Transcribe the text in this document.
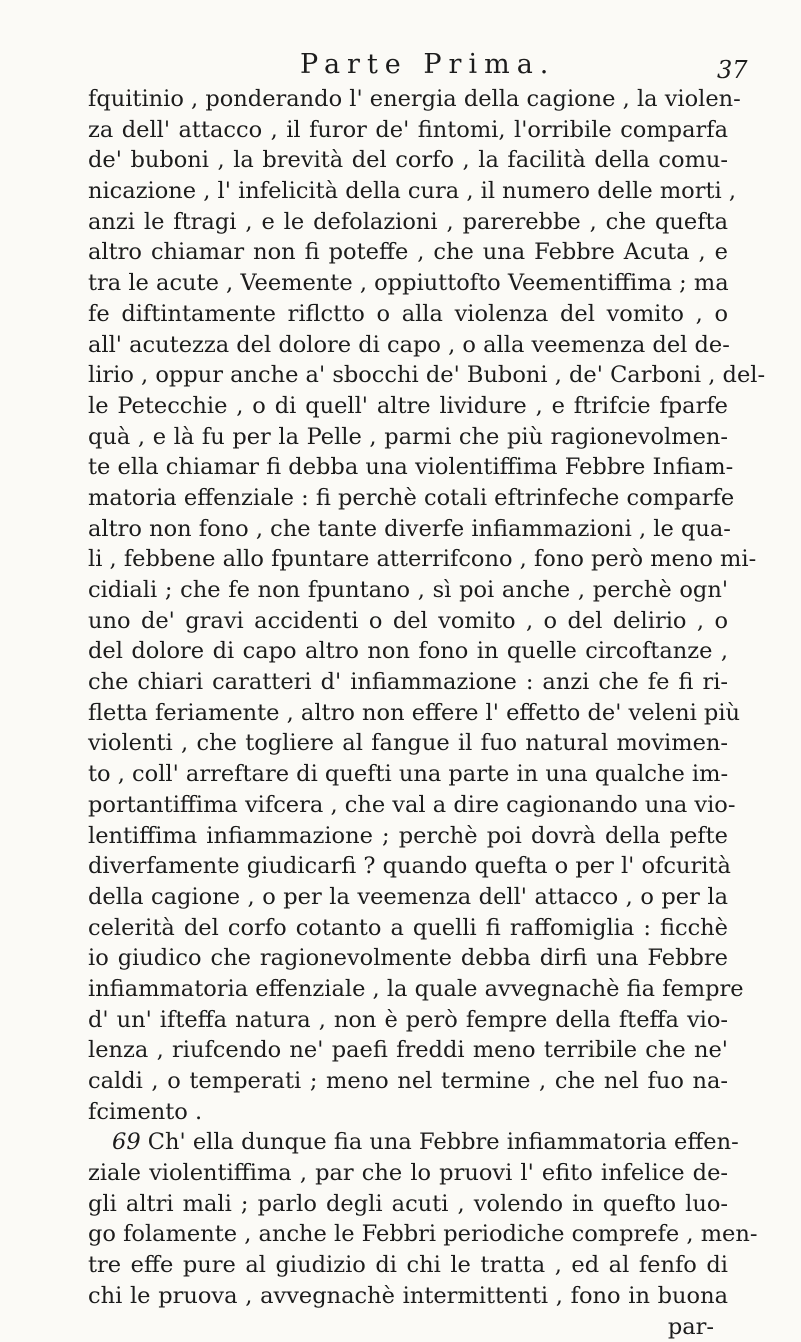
Parte Prima.	37
fquitinio , ponderando l' energia della cagione , la violen-
za dell' attacco , il furor de' fintomi, l'orribile comparfa
de' buboni , la brevità del corfo , la facilità della comu-
nicazione , l' infelicità della cura , il numero delle morti ,
anzi le ftragi , e le defolazioni , parerebbe , che quefta
altro chiamar non fi poteffe , che una Febbre Acuta , e
tra le acute , Veemente , oppiuttofto Veementiffima ; ma
fe diftintamente riflctto o alla violenza del vomito , o
all' acutezza del dolore di capo , o alla veemenza del de-
lirio , oppur anche a' sbocchi de' Buboni , de' Carboni , del-
le Petecchie , o di quell' altre lividure , e ftrifcie fparfe
quà , e là fu per la Pelle , parmi che più ragionevolmen-
te ella chiamar fi debba una violentiffima Febbre Infiam-
matoria effenziale : fi perchè cotali eftrinfeche comparfe
altro non fono , che tante diverfe infiammazioni , le qua-
li , febbene allo fpuntare atterrifcono , fono però meno mi-
cidiali ; che fe non fpuntano , sì poi anche , perchè ogn'
uno de' gravi accidenti o del vomito , o del delirio , o
del dolore di capo altro non fono in quelle circoftanze ,
che chiari caratteri d' infiammazione : anzi che fe fi ri-
fletta feriamente , altro non effere l' effetto de' veleni più
violenti , che togliere al fangue il fuo natural movimen-
to , coll' arreftare di quefti una parte in una qualche im-
portantiffima vifcera , che val a dire cagionando una vio-
lentiffima infiammazione ; perchè poi dovrà della pefte
diverfamente giudicarfi ? quando quefta o per l' ofcurità
della cagione , o per la veemenza dell' attacco , o per la
celerità del corfo cotanto a quelli fi raffomiglia : ficchè
io giudico che ragionevolmente debba dirfi una Febbre
infiammatoria effenziale , la quale avvegnachè fia fempre
d' un' ifteffa natura , non è però fempre della fteffa vio-
lenza , riufcendo ne' paefi freddi meno terribile che ne'
caldi , o temperati ; meno nel termine , che nel fuo na-
fcimento .
69 Ch' ella dunque fia una Febbre infiammatoria effen-
ziale violentiffima , par che lo pruovi l' efito infelice de-
gli altri mali ; parlo degli acuti , volendo in quefto luo-
go folamente , anche le Febbri periodiche comprefe , men-
tre effe pure al giudizio di chi le tratta , ed al fenfo di
chi le pruova , avvegnachè intermittenti , fono in buona
par-
